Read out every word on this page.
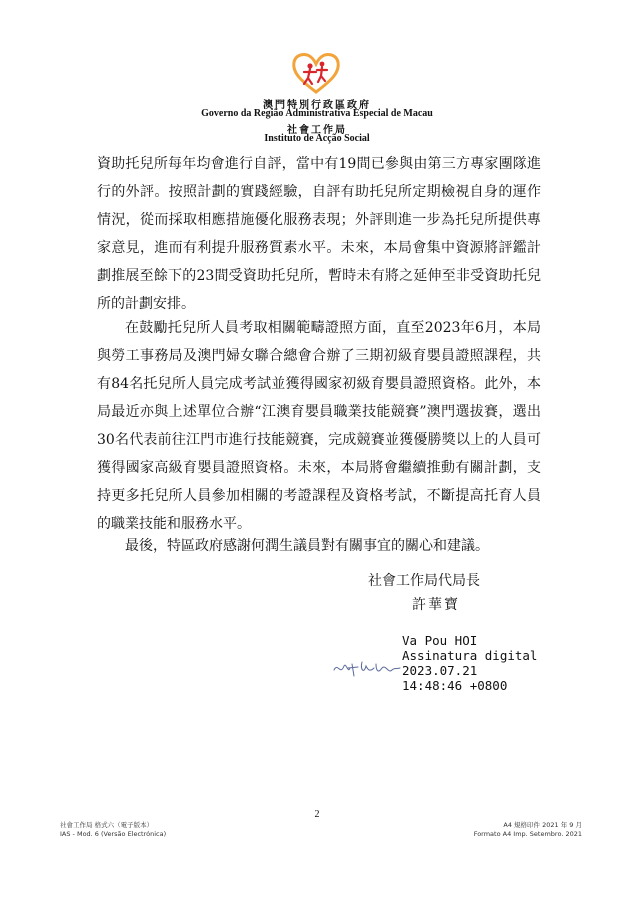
澳門特別行政區政府
Governo da Região Administrativa Especial de Macau
社會工作局
Instituto de Acção Social
資助托兒所每年均會進行自評，當中有19間已參與由第三方專家團隊進行的外評。按照計劃的實踐經驗，自評有助托兒所定期檢視自身的運作情況，從而採取相應措施優化服務表現；外評則進一步為托兒所提供專家意見，進而有利提升服務質素水平。未來，本局會集中資源將評鑑計劃推展至餘下的23間受資助托兒所，暫時未有將之延伸至非受資助托兒所的計劃安排。
在鼓勵托兒所人員考取相關範疇證照方面，直至2023年6月，本局與勞工事務局及澳門婦女聯合總會合辦了三期初級育嬰員證照課程，共有84名托兒所人員完成考試並獲得國家初級育嬰員證照資格。此外，本局最近亦與上述單位合辦“江澳育嬰員職業技能競賽”澳門選拔賽，選出30名代表前往江門市進行技能競賽，完成競賽並獲優勝獎以上的人員可獲得國家高級育嬰員證照資格。未來，本局將會繼續推動有關計劃，支持更多托兒所人員參加相關的考證課程及資格考試，不斷提高托育人員的職業技能和服務水平。
最後，特區政府感謝何潤生議員對有關事宜的關心和建議。
社會工作局代局長
許華寶
Va Pou HOI
Assinatura digital
2023.07.21
14:48:46 +0800
2
社會工作局 格式六（電子版本）
IAS - Mod. 6 (Versão Electrónica)
A4 規格印件 2021 年 9 月
Formato A4 Imp. Setembro. 2021
